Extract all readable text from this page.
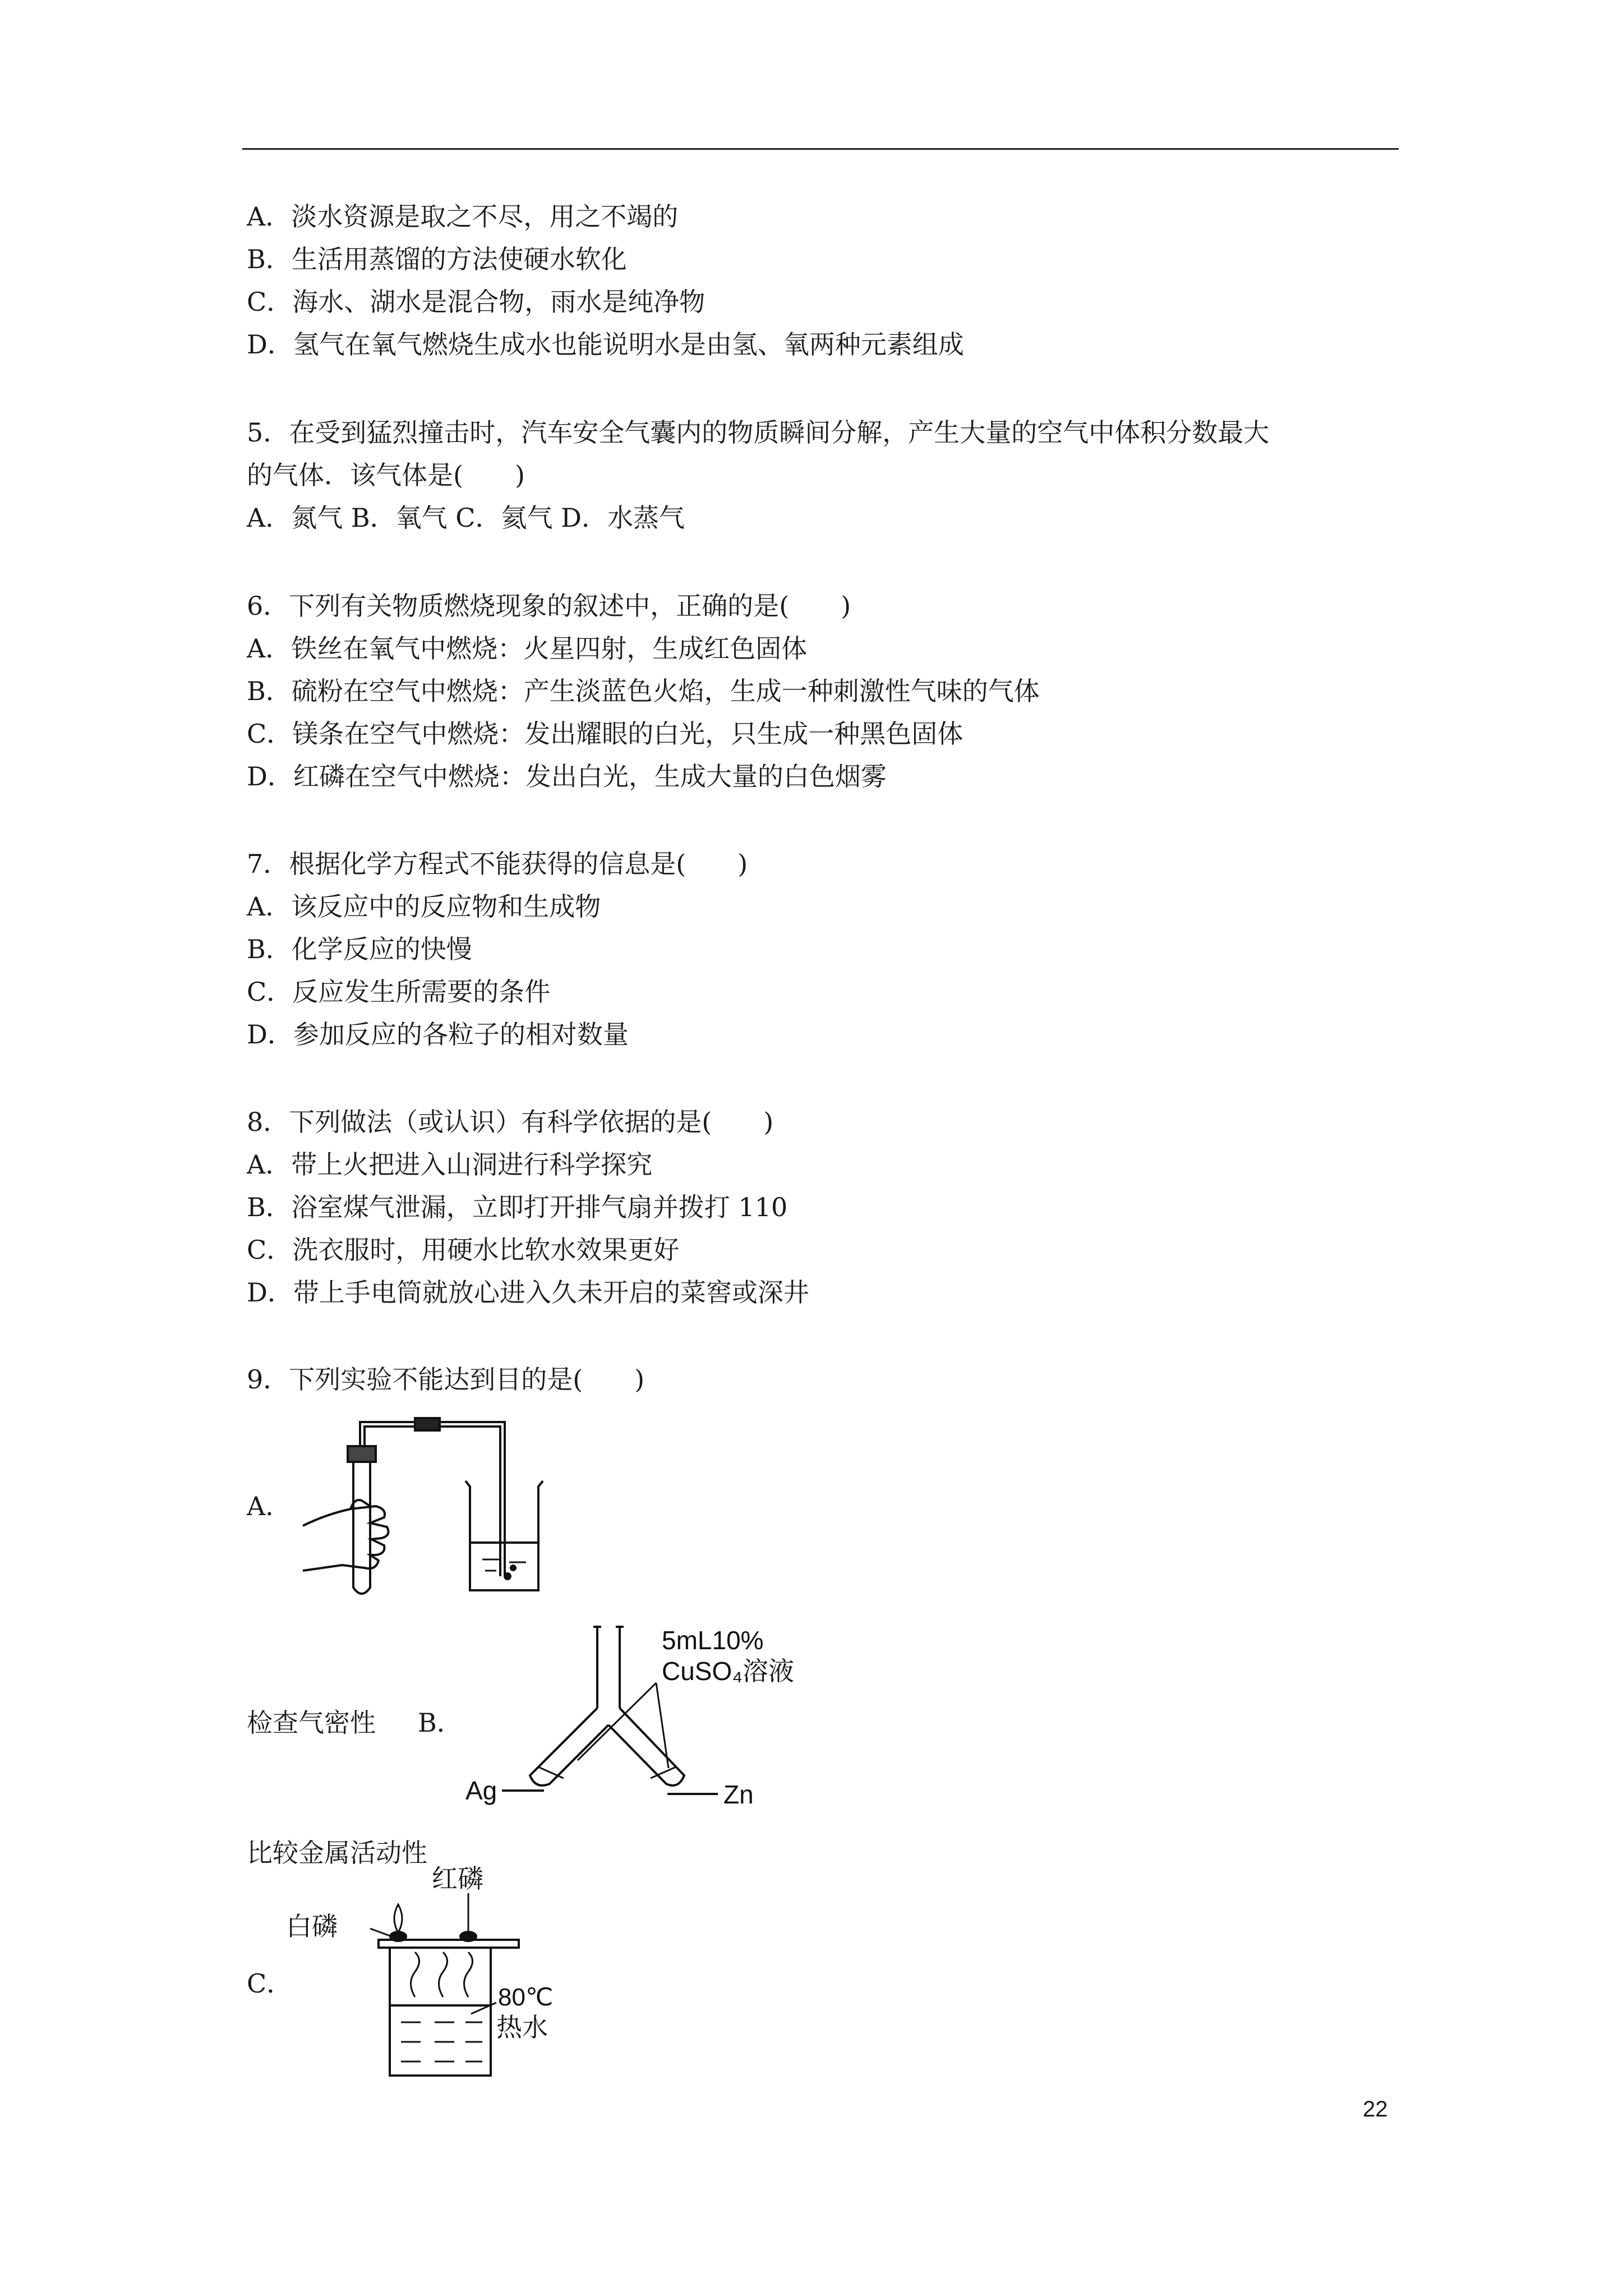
A．淡水资源是取之不尽，用之不竭的
B．生活用蒸馏的方法使硬水软化
C．海水、湖水是混合物，雨水是纯净物
D．氢气在氧气燃烧生成水也能说明水是由氢、氧两种元素组成
5．在受到猛烈撞击时，汽车安全气囊内的物质瞬间分解，产生大量的空气中体积分数最大
的气体．该气体是(　　)
A．氮气 B．氧气 C．氦气 D．水蒸气
6．下列有关物质燃烧现象的叙述中，正确的是(　　)
A．铁丝在氧气中燃烧：火星四射，生成红色固体
B．硫粉在空气中燃烧：产生淡蓝色火焰，生成一种刺激性气味的气体
C．镁条在空气中燃烧：发出耀眼的白光，只生成一种黑色固体
D．红磷在空气中燃烧：发出白光，生成大量的白色烟雾
7．根据化学方程式不能获得的信息是(　　)
A．该反应中的反应物和生成物
B．化学反应的快慢
C．反应发生所需要的条件
D．参加反应的各粒子的相对数量
8．下列做法（或认识）有科学依据的是(　　)
A．带上火把进入山洞进行科学探究
B．浴室煤气泄漏，立即打开排气扇并拨打 110
C．洗衣服时，用硬水比软水效果更好
D．带上手电筒就放心进入久未开启的菜窖或深井
9．下列实验不能达到目的是(　　)
A．
检查气密性 B．
5mL10%
CuSO₄溶液
Ag	Zn
比较金属活动性
C．
红磷
白磷
80℃
热水
22
